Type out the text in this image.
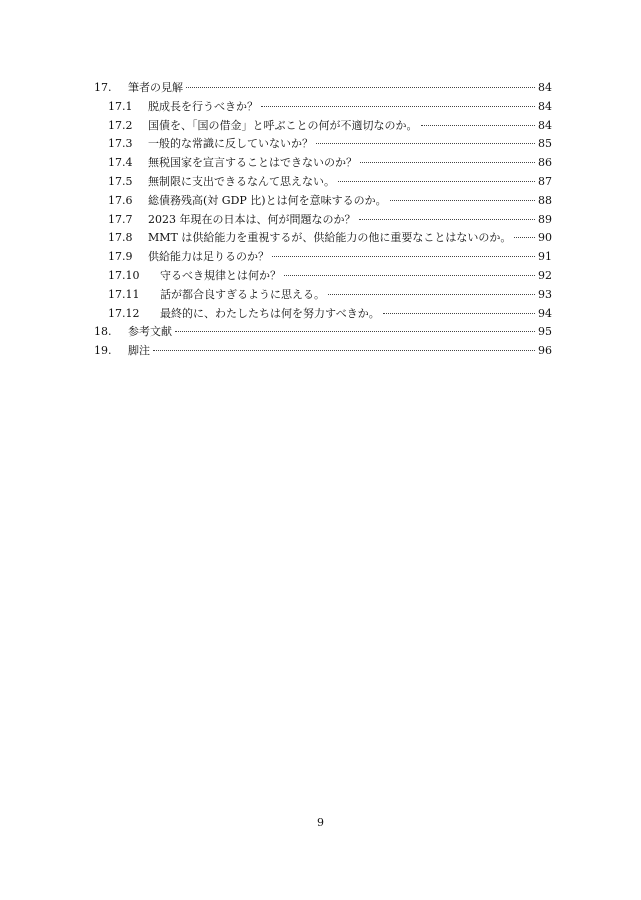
17.	筆者の見解	84
17.1	脱成長を行うべきか？	84
17.2	国債を、「国の借金」と呼ぶことの何が不適切なのか。	84
17.3	一般的な常識に反していないか？	85
17.4	無税国家を宣言することはできないのか？	86
17.5	無制限に支出できるなんて思えない。	87
17.6	総債務残高(対 GDP 比)とは何を意味するのか。	88
17.7	2023 年現在の日本は、何が問題なのか？	89
17.8	MMT は供給能力を重視するが、供給能力の他に重要なことはないのか。 90
17.9	供給能力は足りるのか？	91
17.10	守るべき規律とは何か？	92
17.11	話が都合良すぎるように思える。	93
17.12	最終的に、わたしたちは何を努力すべきか。	94
18.	参考文献	95
19.	脚注	96
9
